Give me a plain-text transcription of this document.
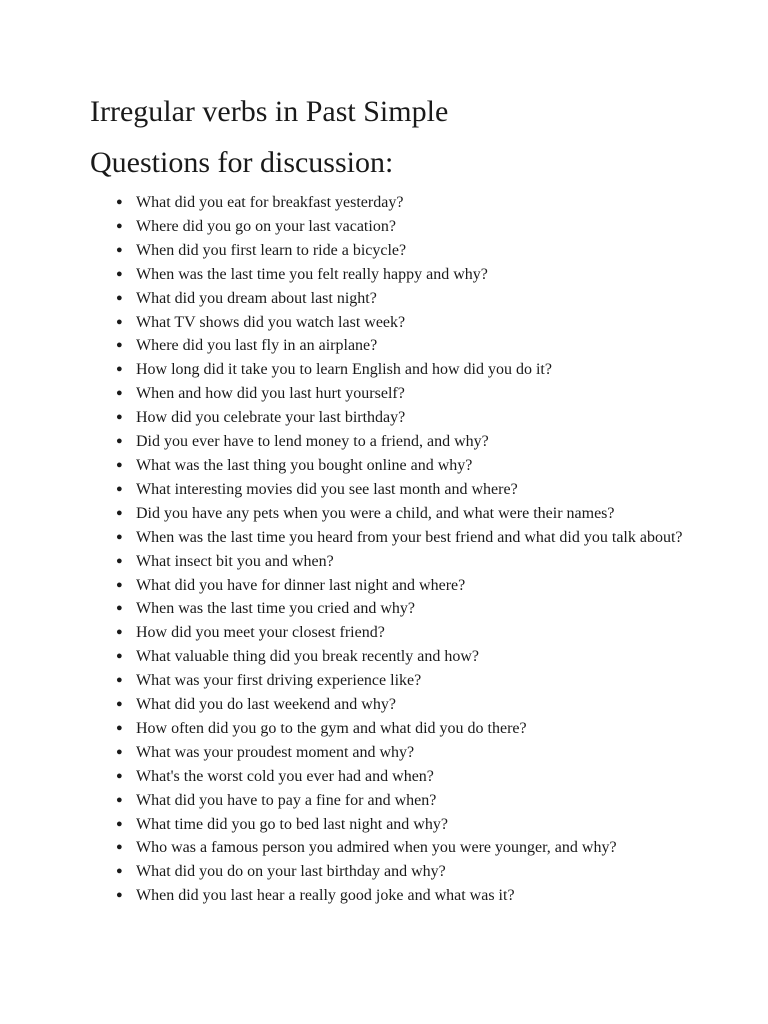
Irregular verbs in Past Simple
Questions for discussion:
● What did you eat for breakfast yesterday?
● Where did you go on your last vacation?
● When did you first learn to ride a bicycle?
● When was the last time you felt really happy and why?
● What did you dream about last night?
● What TV shows did you watch last week?
● Where did you last fly in an airplane?
● How long did it take you to learn English and how did you do it?
● When and how did you last hurt yourself?
● How did you celebrate your last birthday?
● Did you ever have to lend money to a friend, and why?
● What was the last thing you bought online and why?
● What interesting movies did you see last month and where?
● Did you have any pets when you were a child, and what were their names?
● When was the last time you heard from your best friend and what did you talk about?
● What insect bit you and when?
● What did you have for dinner last night and where?
● When was the last time you cried and why?
● How did you meet your closest friend?
● What valuable thing did you break recently and how?
● What was your first driving experience like?
● What did you do last weekend and why?
● How often did you go to the gym and what did you do there?
● What was your proudest moment and why?
● What's the worst cold you ever had and when?
● What did you have to pay a fine for and when?
● What time did you go to bed last night and why?
● Who was a famous person you admired when you were younger, and why?
● What did you do on your last birthday and why?
● When did you last hear a really good joke and what was it?
